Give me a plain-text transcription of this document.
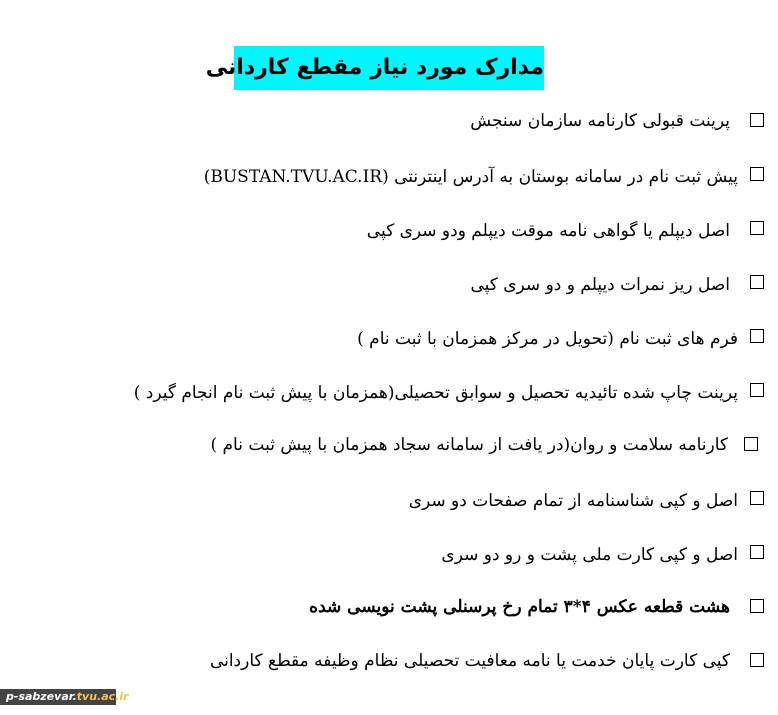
مدارک مورد نیاز مقطع کاردانی
پرینت قبولی کارنامه سازمان سنجش
پیش ثبت نام در سامانه بوستان به آدرس اینترنتی (BUSTAN.TVU.AC.IR)
اصل دیپلم یا گواهی نامه موقت دیپلم ودو سری کپی
اصل ریز نمرات دیپلم و دو سری کپی
فرم های ثبت نام (تحویل در مرکز همزمان با ثبت نام )
پرینت چاپ شده تائیدیه تحصیل و سوابق تحصیلی(همزمان با پیش ثبت نام انجام گیرد )
کارنامه سلامت و روان(در یافت از سامانه سجاد همزمان با پیش ثبت نام )
اصل و کپی شناسنامه از تمام صفحات دو سری
اصل و کپی کارت ملی پشت و رو دو سری
هشت قطعه عکس ۴*۳ تمام رخ پرسنلی پشت نویسی شده
کپی کارت پایان خدمت یا نامه معافیت تحصیلی نظام وظیفه مقطع کاردانی
p-sabzevar.tvu.ac.ir
